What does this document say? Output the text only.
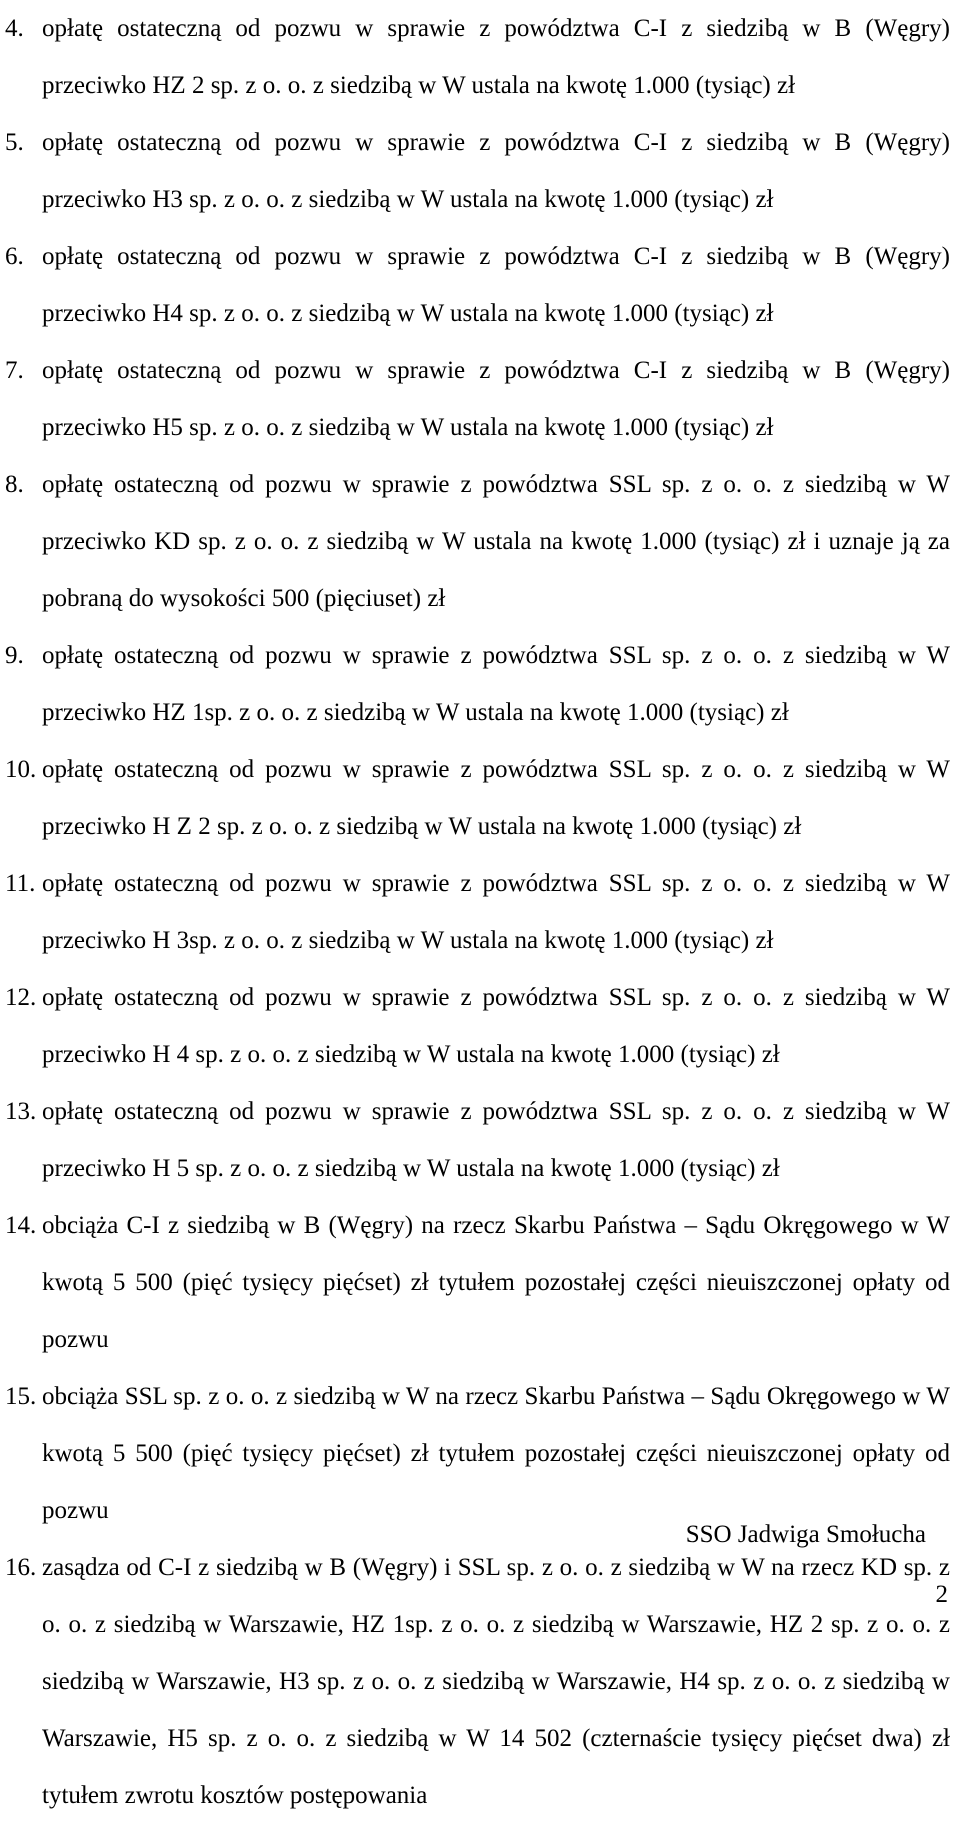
4. opłatę ostateczną od pozwu w sprawie z powództwa C-I z siedzibą w B (Węgry) przeciwko HZ 2 sp. z o. o. z siedzibą w W ustala na kwotę 1.000 (tysiąc) zł

5. opłatę ostateczną od pozwu w sprawie z powództwa C-I z siedzibą w B (Węgry) przeciwko H3 sp. z o. o. z siedzibą w W ustala na kwotę 1.000 (tysiąc) zł

6. opłatę ostateczną od pozwu w sprawie z powództwa C-I z siedzibą w B (Węgry) przeciwko H4 sp. z o. o. z siedzibą w W ustala na kwotę 1.000 (tysiąc) zł

7. opłatę ostateczną od pozwu w sprawie z powództwa C-I z siedzibą w B (Węgry) przeciwko H5 sp. z o. o. z siedzibą w W ustala na kwotę 1.000 (tysiąc) zł

8. opłatę ostateczną od pozwu w sprawie z powództwa SSL sp. z o. o. z siedzibą w W przeciwko KD sp. z o. o. z siedzibą w W ustala na kwotę 1.000 (tysiąc) zł i uznaje ją za pobraną do wysokości 500 (pięciuset) zł

9. opłatę ostateczną od pozwu w sprawie z powództwa SSL sp. z o. o. z siedzibą w W przeciwko HZ 1sp. z o. o. z siedzibą w W ustala na kwotę 1.000 (tysiąc) zł

10. opłatę ostateczną od pozwu w sprawie z powództwa SSL sp. z o. o. z siedzibą w W przeciwko H Z 2 sp. z o. o. z siedzibą w W ustala na kwotę 1.000 (tysiąc) zł

11. opłatę ostateczną od pozwu w sprawie z powództwa SSL sp. z o. o. z siedzibą w W przeciwko H 3sp. z o. o. z siedzibą w W ustala na kwotę 1.000 (tysiąc) zł

12. opłatę ostateczną od pozwu w sprawie z powództwa SSL sp. z o. o. z siedzibą w W przeciwko H 4 sp. z o. o. z siedzibą w W ustala na kwotę 1.000 (tysiąc) zł

13. opłatę ostateczną od pozwu w sprawie z powództwa SSL sp. z o. o. z siedzibą w W przeciwko H 5 sp. z o. o. z siedzibą w W ustala na kwotę 1.000 (tysiąc) zł

14. obciąża C-I z siedzibą w B (Węgry) na rzecz Skarbu Państwa – Sądu Okręgowego w W kwotą 5 500 (pięć tysięcy pięćset) zł tytułem pozostałej części nieuiszczonej opłaty od pozwu

15. obciąża SSL sp. z o. o. z siedzibą w W na rzecz Skarbu Państwa – Sądu Okręgowego w W kwotą 5 500 (pięć tysięcy pięćset) zł tytułem pozostałej części nieuiszczonej opłaty od pozwu

16. zasądza od C-I z siedzibą w B (Węgry) i SSL sp. z o. o. z siedzibą w W na rzecz KD sp. z o. o. z siedzibą w Warszawie, HZ 1sp. z o. o. z siedzibą w Warszawie, HZ 2 sp. z o. o. z siedzibą w Warszawie, H3 sp. z o. o. z siedzibą w Warszawie, H4 sp. z o. o. z siedzibą w Warszawie, H5 sp. z o. o. z siedzibą w W 14 502 (czternaście tysięcy pięćset dwa) zł tytułem zwrotu kosztów postępowania

SSO Jadwiga Smołucha
2
